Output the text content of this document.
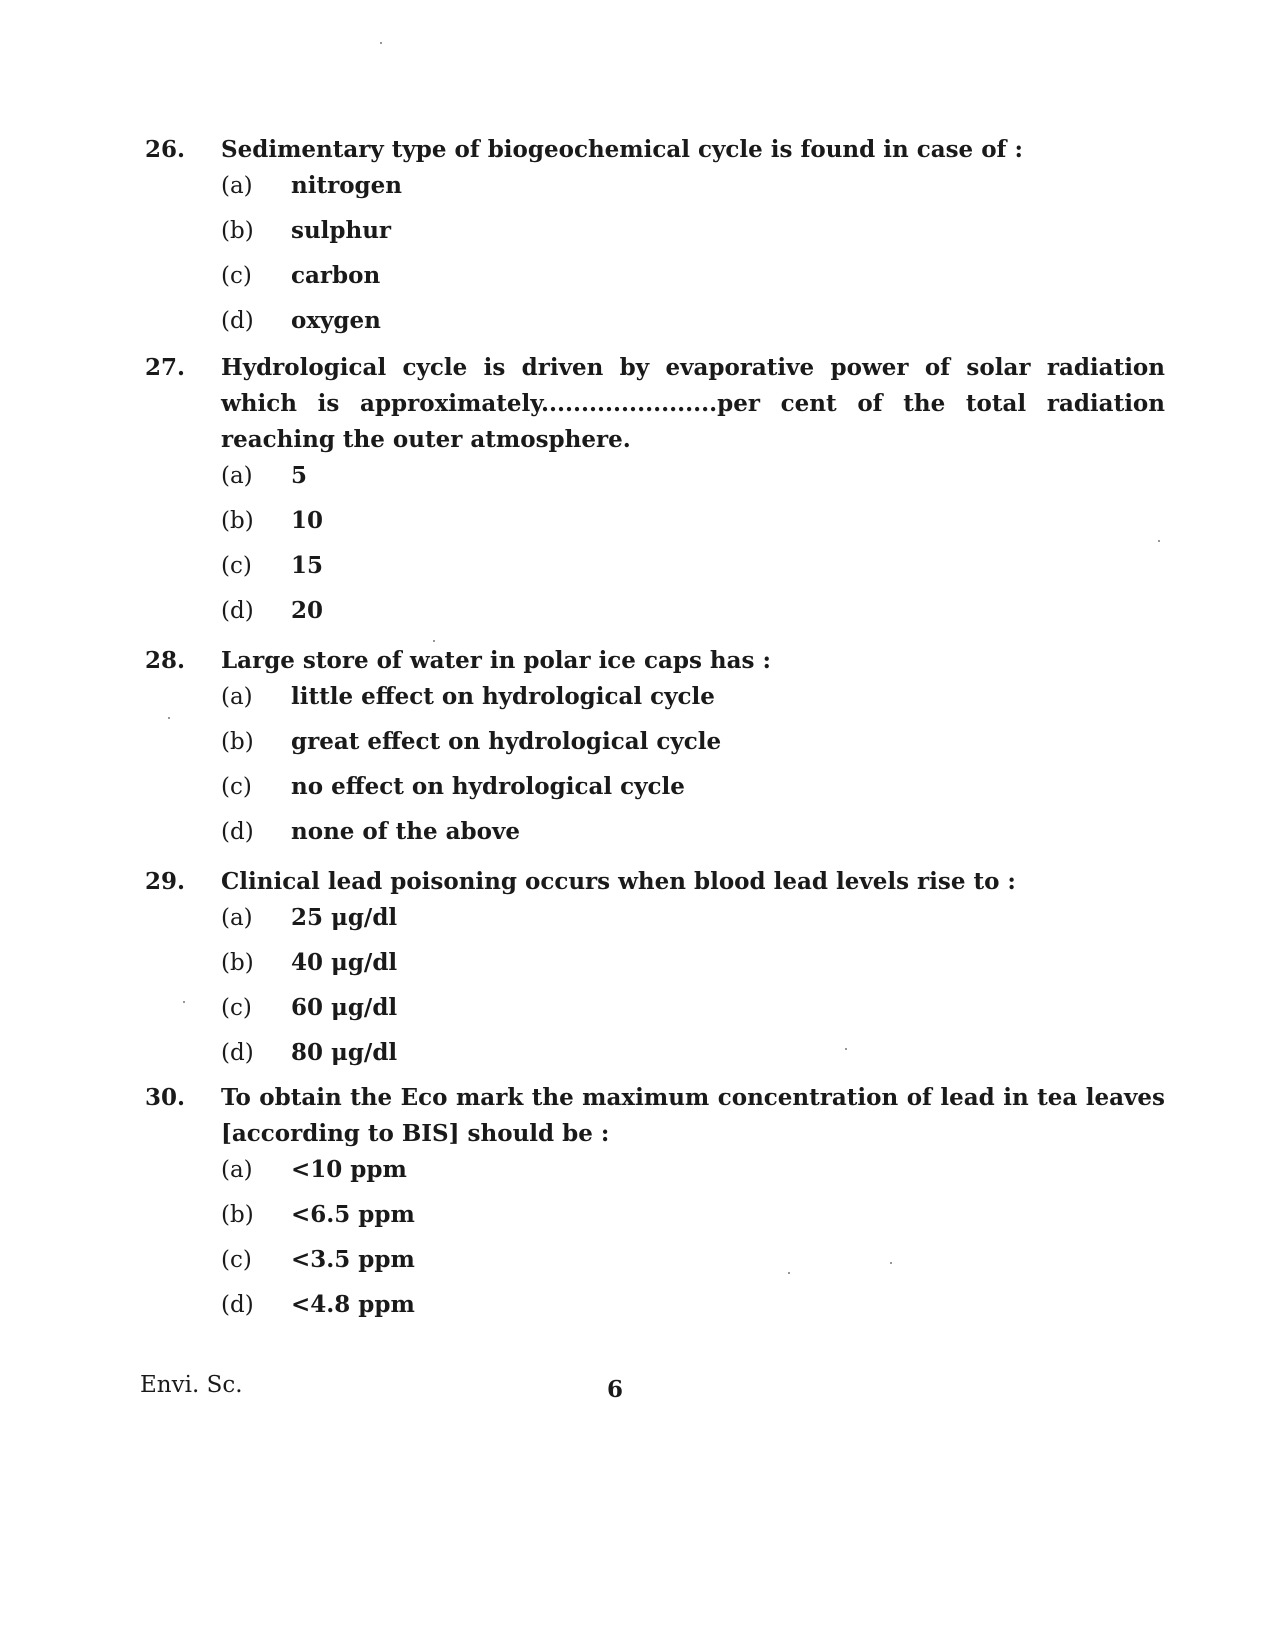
26.	Sedimentary type of biogeochemical cycle is found in case of :
(a)	nitrogen
(b)	sulphur
(c)	carbon
(d)	oxygen
27.	Hydrological cycle is driven by evaporative power of solar radiation which is approximately......................per cent of the total radiation reaching the outer atmosphere.
(a)	5
(b)	10
(c)	15
(d)	20
28.	Large store of water in polar ice caps has :
(a)	little effect on hydrological cycle
(b)	great effect on hydrological cycle
(c)	no effect on hydrological cycle
(d)	none of the above
29.	Clinical lead poisoning occurs when blood lead levels rise to :
(a)	25 μg/dl
(b)	40 μg/dl
(c)	60 μg/dl
(d)	80 μg/dl
30.	To obtain the Eco mark the maximum concentration of lead in tea leaves [according to BIS] should be :
(a)	<10 ppm
(b)	<6.5 ppm
(c)	<3.5 ppm
(d)	<4.8 ppm
Envi. Sc.	6
